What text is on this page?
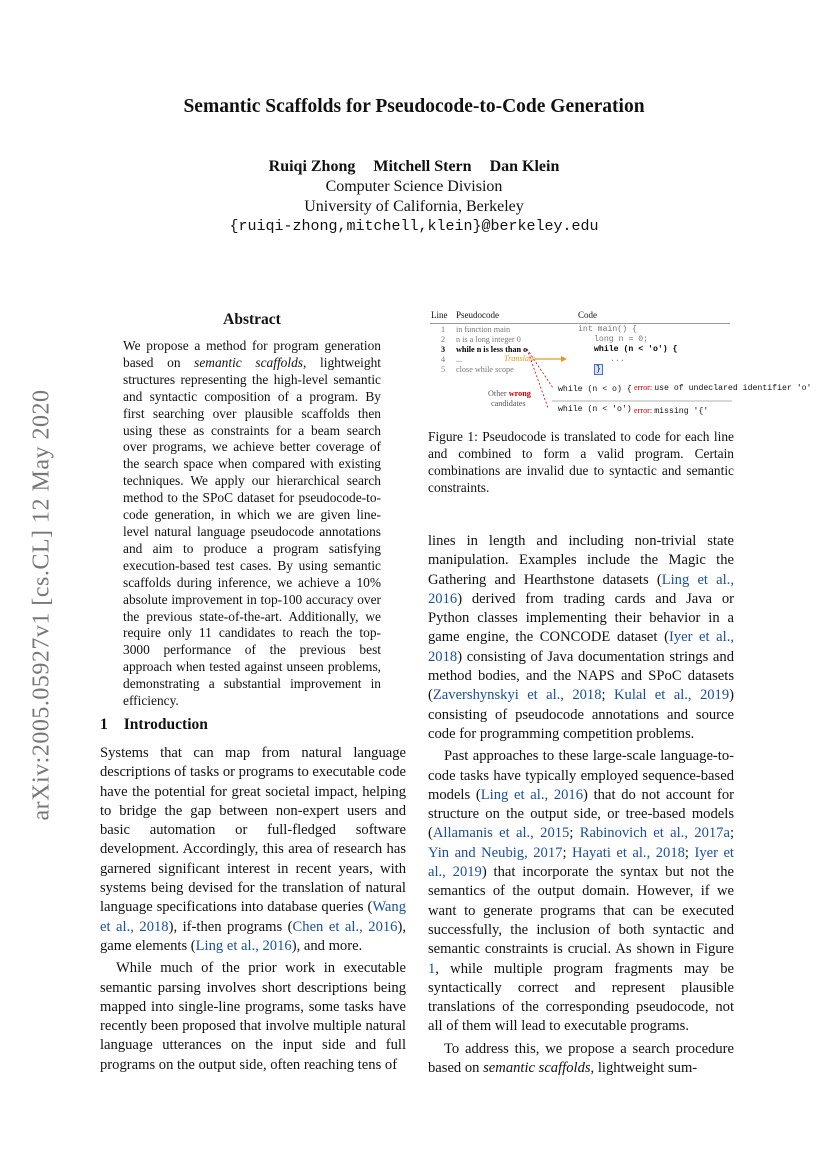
Semantic Scaffolds for Pseudocode-to-Code Generation
Ruiqi Zhong Mitchell Stern Dan Klein
Computer Science Division
University of California, Berkeley
{ruiqi-zhong,mitchell,klein}@berkeley.edu
arXiv:2005.05927v1 [cs.CL] 12 May 2020
Abstract
We propose a method for program generation based on semantic scaffolds, lightweight structures representing the high-level semantic and syntactic composition of a program. By first searching over plausible scaffolds then using these as constraints for a beam search over programs, we achieve better coverage of the search space when compared with existing techniques. We apply our hierarchical search method to the SPoC dataset for pseudocode-to-code generation, in which we are given line-level natural language pseudocode annotations and aim to produce a program satisfying execution-based test cases. By using semantic scaffolds during inference, we achieve a 10% absolute improvement in top-100 accuracy over the previous state-of-the-art. Additionally, we require only 11 candidates to reach the top-3000 performance of the previous best approach when tested against unseen problems, demonstrating a substantial improvement in efficiency.
1 Introduction

Systems that can map from natural language descriptions of tasks or programs to executable code have the potential for great societal impact, helping to bridge the gap between non-expert users and basic automation or full-fledged software development. Accordingly, this area of research has garnered significant interest in recent years, with systems being devised for the translation of natural language specifications into database queries (Wang et al., 2018), if-then programs (Chen et al., 2016), game elements (Ling et al., 2016), and more.

While much of the prior work in executable semantic parsing involves short descriptions being mapped into single-line programs, some tasks have recently been proposed that involve multiple natural language utterances on the input side and full programs on the output side, often reaching tens of

lines in length and including non-trivial state manipulation. Examples include the Magic the Gathering and Hearthstone datasets (Ling et al., 2016) derived from trading cards and Java or Python classes implementing their behavior in a game engine, the CONCODE dataset (Iyer et al., 2018) consisting of Java documentation strings and method bodies, and the NAPS and SPoC datasets (Zavershynskyi et al., 2018; Kulal et al., 2019) consisting of pseudocode annotations and source code for programming competition problems.

Past approaches to these large-scale language-to-code tasks have typically employed sequence-based models (Ling et al., 2016) that do not account for structure on the output side, or tree-based models (Allamanis et al., 2015; Rabinovich et al., 2017a; Yin and Neubig, 2017; Hayati et al., 2018; Iyer et al., 2019) that incorporate the syntax but not the semantics of the output domain. However, if we want to generate programs that can be executed successfully, the inclusion of both syntactic and semantic constraints is crucial. As shown in Figure 1, while multiple program fragments may be syntactically correct and represent plausible translations of the corresponding pseudocode, not all of them will lead to executable programs.

To address this, we propose a search procedure based on semantic scaffolds, lightweight sum-

Line Pseudocode	Code
1 in function main	int main() {
2 n is a long integer 0	long n = 0;
3 while n is less than o	while (n < 'o') {
4 ...	...
Translate
5 close while scope	}
Other wrong
candidates
while (n < o) { error: use of undeclared identifier 'o'
while (n < 'o') error: missing '{'
Figure 1: Pseudocode is translated to code for each line and combined to form a valid program. Certain combinations are invalid due to syntactic and semantic constraints.
